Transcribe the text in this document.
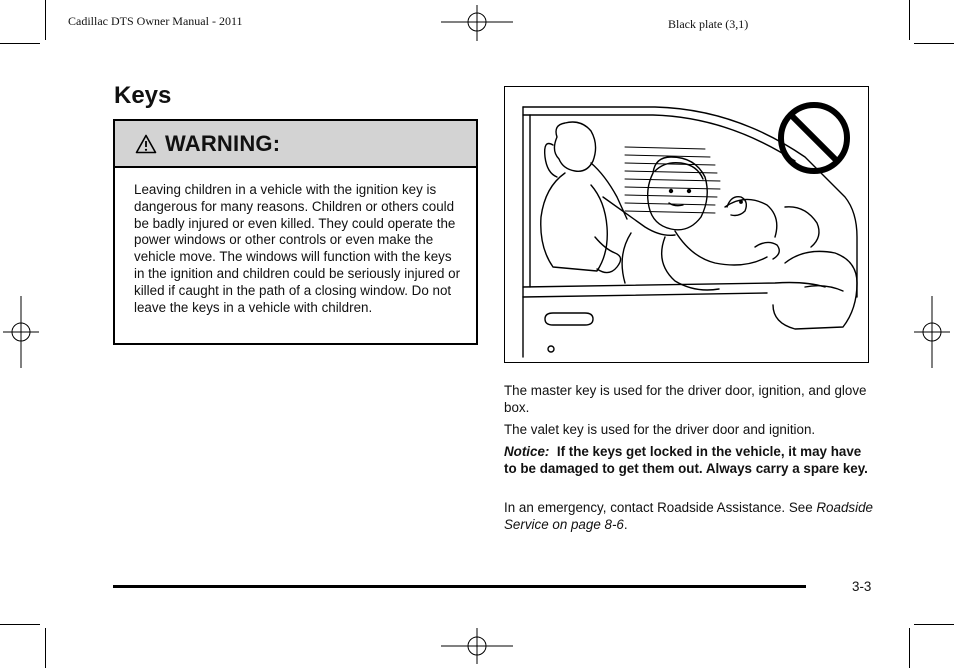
Cadillac DTS Owner Manual - 2011	Black plate (3,1)
Keys
WARNING:
Leaving children in a vehicle with the ignition key is dangerous for many reasons. Children or others could be badly injured or even killed. They could operate the power windows or other controls or even make the vehicle move. The windows will function with the keys in the ignition and children could be seriously injured or killed if caught in the path of a closing window. Do not leave the keys in a vehicle with children.

The master key is used for the driver door, ignition, and glove box.

The valet key is used for the driver door and ignition.

Notice: If the keys get locked in the vehicle, it may have to be damaged to get them out. Always carry a spare key.

In an emergency, contact Roadside Assistance. See Roadside Service on page 8-6.

3-3
